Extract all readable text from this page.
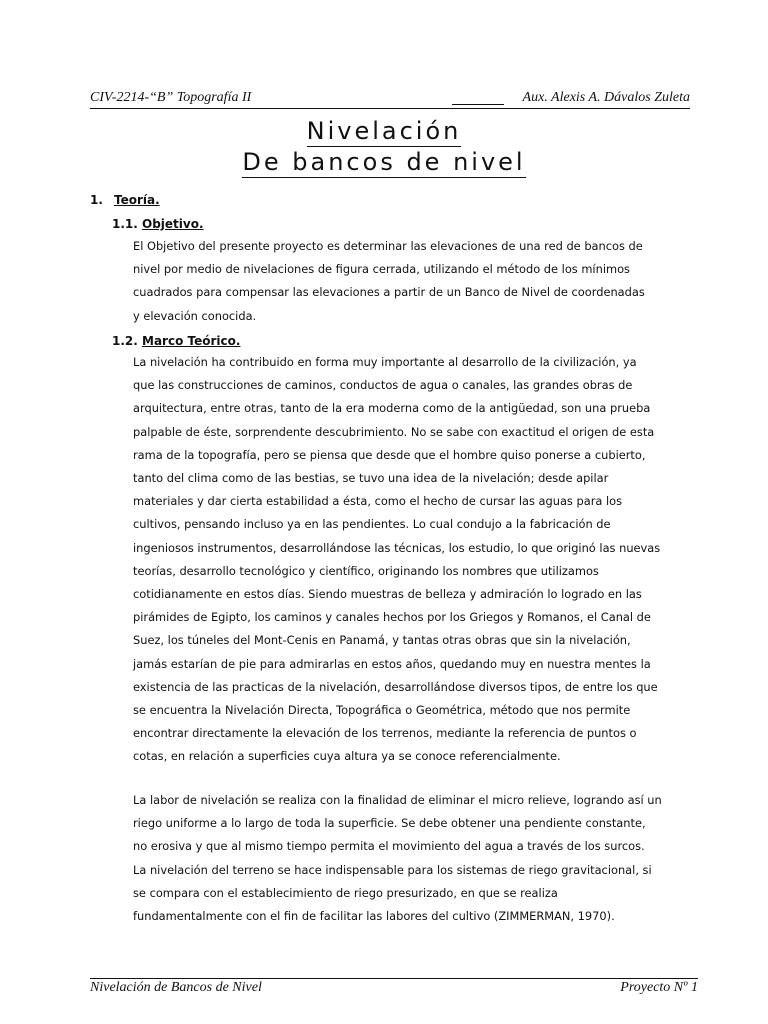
CIV-2214-“B” Topografía II	Aux. Alexis A. Dávalos Zuleta
Nivelación
De bancos de nivel
1. Teoría.
1.1. Objetivo.

El Objetivo del presente proyecto es determinar las elevaciones de una red de bancos de
nivel por medio de nivelaciones de figura cerrada, utilizando el método de los mínimos
cuadrados para compensar las elevaciones a partir de un Banco de Nivel de coordenadas
y elevación conocida.

1.2. Marco Teórico.

La nivelación ha contribuido en forma muy importante al desarrollo de la civilización, ya
que las construcciones de caminos, conductos de agua o canales, las grandes obras de
arquitectura, entre otras, tanto de la era moderna como de la antigüedad, son una prueba
palpable de éste, sorprendente descubrimiento. No se sabe con exactitud el origen de esta
rama de la topografía, pero se piensa que desde que el hombre quiso ponerse a cubierto,
tanto del clima como de las bestias, se tuvo una idea de la nivelación; desde apilar
materiales y dar cierta estabilidad a ésta, como el hecho de cursar las aguas para los
cultivos, pensando incluso ya en las pendientes. Lo cual condujo a la fabricación de
ingeniosos instrumentos, desarrollándose las técnicas, los estudio, lo que originó las nuevas
teorías, desarrollo tecnológico y científico, originando los nombres que utilizamos
cotidianamente en estos días. Siendo muestras de belleza y admiración lo logrado en las
pirámides de Egipto, los caminos y canales hechos por los Griegos y Romanos, el Canal de
Suez, los túneles del Mont-Cenis en Panamá, y tantas otras obras que sin la nivelación,
jamás estarían de pie para admirarlas en estos años, quedando muy en nuestra mentes la
existencia de las practicas de la nivelación, desarrollándose diversos tipos, de entre los que
se encuentra la Nivelación Directa, Topográfica o Geométrica, método que nos permite
encontrar directamente la elevación de los terrenos, mediante la referencia de puntos o
cotas, en relación a superficies cuya altura ya se conoce referencialmente.

La labor de nivelación se realiza con la finalidad de eliminar el micro relieve, logrando así un
riego uniforme a lo largo de toda la superficie. Se debe obtener una pendiente constante,
no erosiva y que al mismo tiempo permita el movimiento del agua a través de los surcos.
La nivelación del terreno se hace indispensable para los sistemas de riego gravitacional, si
se compara con el establecimiento de riego presurizado, en que se realiza
fundamentalmente con el fin de facilitar las labores del cultivo (ZIMMERMAN, 1970).

Nivelación de Bancos de Nivel	Proyecto Nº 1
